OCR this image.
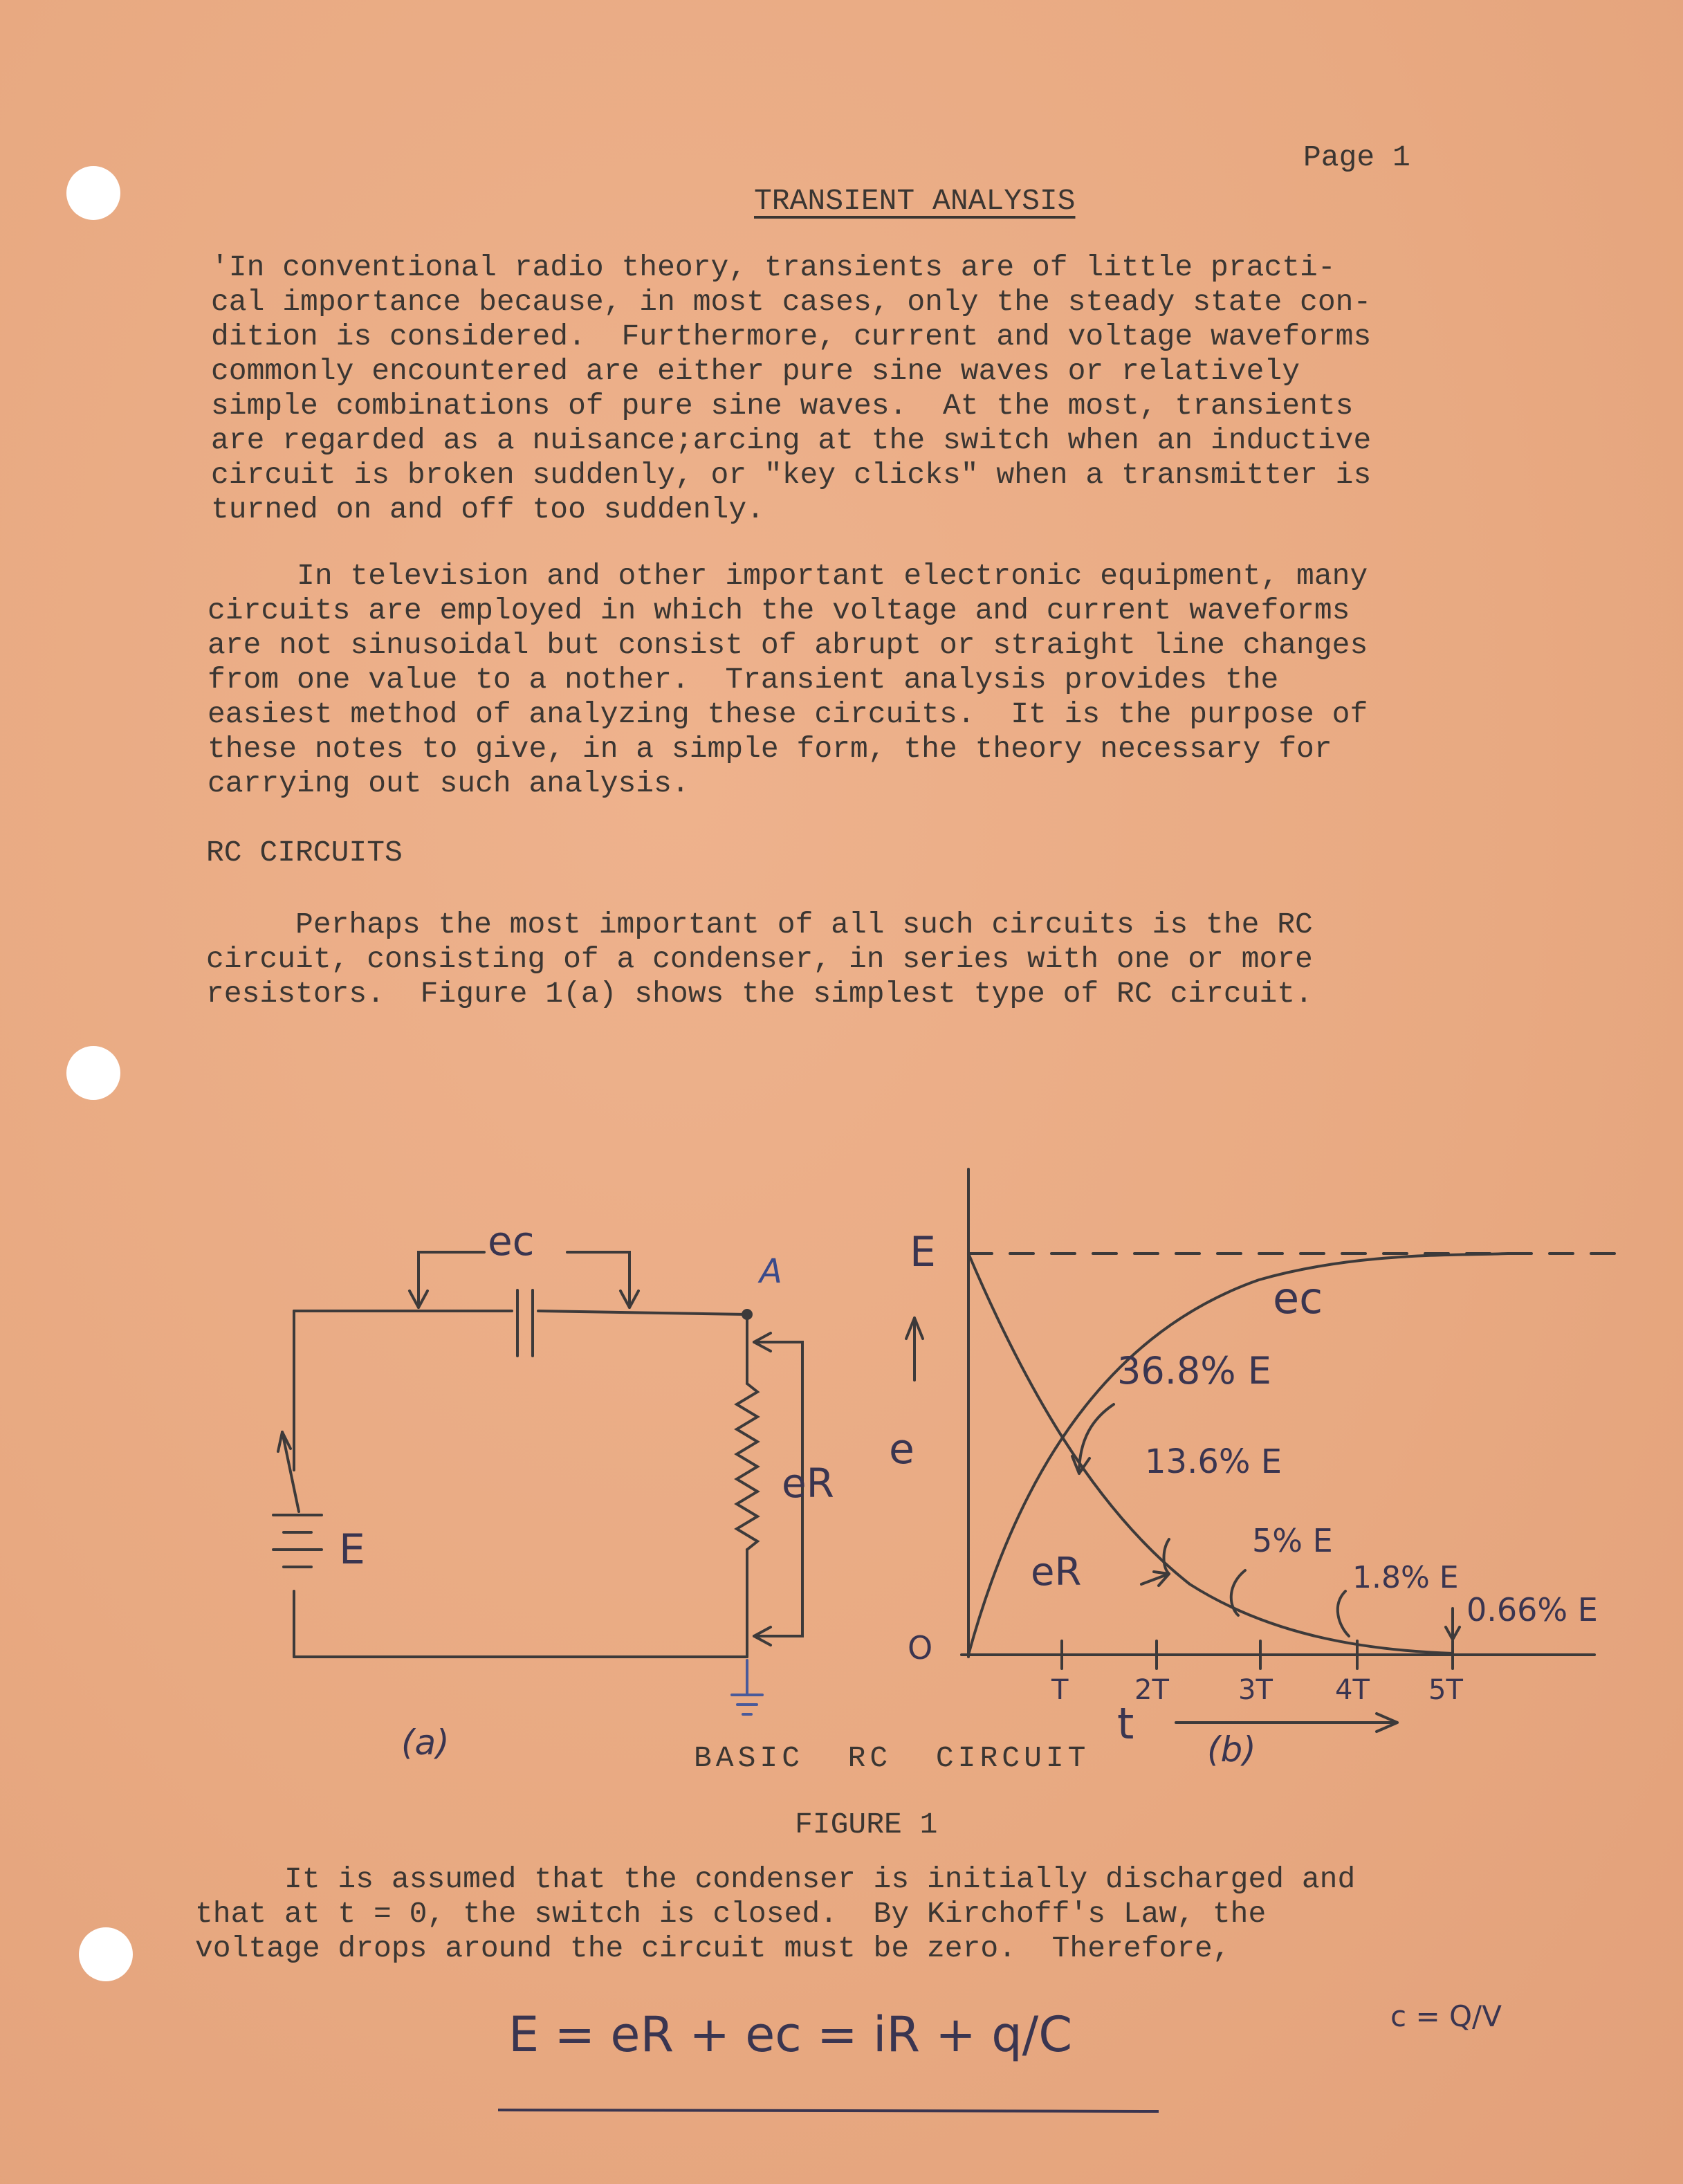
Page 1
TRANSIENT ANALYSIS
'In conventional radio theory, transients are of little practi-
cal importance because, in most cases, only the steady state con-
dition is considered.  Furthermore, current and voltage waveforms
commonly encountered are either pure sine waves or relatively
simple combinations of pure sine waves.  At the most, transients
are regarded as a nuisance;arcing at the switch when an inductive
circuit is broken suddenly, or "key clicks" when a transmitter is
turned on and off too suddenly.
In television and other important electronic equipment, many
circuits are employed in which the voltage and current waveforms
are not sinusoidal but consist of abrupt or straight line changes
from one value to a nother.  Transient analysis provides the
easiest method of analyzing these circuits.  It is the purpose of
these notes to give, in a simple form, the theory necessary for
carrying out such analysis.
RC CIRCUITS
Perhaps the most important of all such circuits is the RC
circuit, consisting of a condenser, in series with one or more
resistors.  Figure 1(a) shows the simplest type of RC circuit.
ec
A
eR
E
(a)
E
e
O
ec
eR
36.8% E
13.6% E
5% E
1.8% E
0.66% E
T 2T	3T 4T 5T
t
(b)
BASIC  RC  CIRCUIT
FIGURE 1
It is assumed that the condenser is initially discharged and
that at t = 0, the switch is closed.  By Kirchoff's Law, the
voltage drops around the circuit must be zero.  Therefore,
E = eR + ec = iR + q/C	c = Q/V
